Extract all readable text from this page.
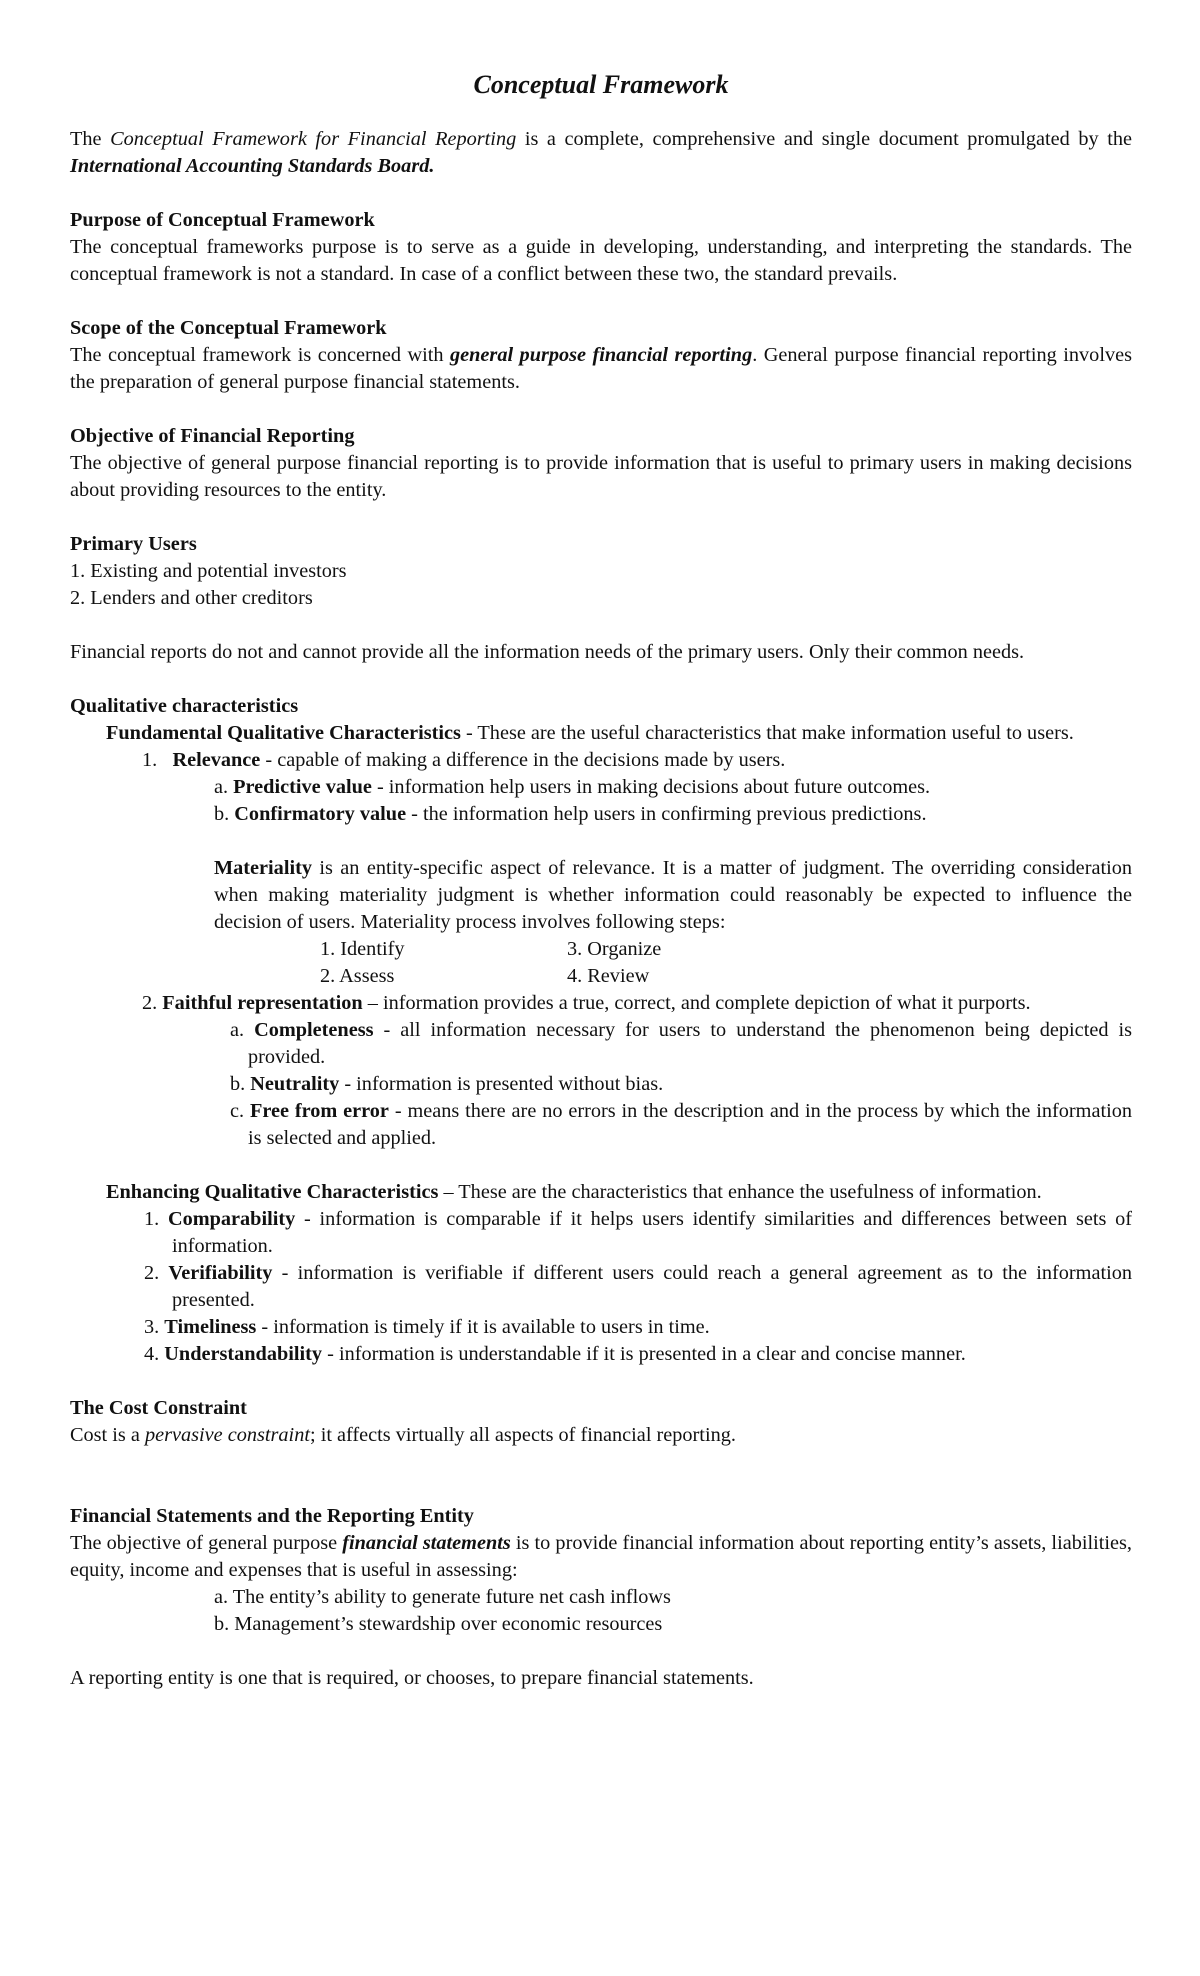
Conceptual Framework

The Conceptual Framework for Financial Reporting is a complete, comprehensive and single document promulgated by the International Accounting Standards Board.

Purpose of Conceptual Framework

The conceptual frameworks purpose is to serve as a guide in developing, understanding, and interpreting the standards. The conceptual framework is not a standard. In case of a conflict between these two, the standard prevails.

Scope of the Conceptual Framework

The conceptual framework is concerned with general purpose financial reporting. General purpose financial reporting involves the preparation of general purpose financial statements.

Objective of Financial Reporting

The objective of general purpose financial reporting is to provide information that is useful to primary users in making decisions about providing resources to the entity.

Primary Users

1. Existing and potential investors

2. Lenders and other creditors

Financial reports do not and cannot provide all the information needs of the primary users. Only their common needs.

Qualitative characteristics

Fundamental Qualitative Characteristics - These are the useful characteristics that make information useful to users.

1. Relevance - capable of making a difference in the decisions made by users.

a. Predictive value - information help users in making decisions about future outcomes.

b. Confirmatory value - the information help users in confirming previous predictions.

Materiality is an entity-specific aspect of relevance. It is a matter of judgment. The overriding consideration when making materiality judgment is whether information could reasonably be expected to influence the decision of users. Materiality process involves following steps:

1. Identify
2. Assess
3. Organize
4. Review

2. Faithful representation – information provides a true, correct, and complete depiction of what it purports.

a. Completeness - all information necessary for users to understand the phenomenon being depicted is provided.

b. Neutrality - information is presented without bias.

c. Free from error - means there are no errors in the description and in the process by which the information is selected and applied.

Enhancing Qualitative Characteristics – These are the characteristics that enhance the usefulness of information.

1. Comparability - information is comparable if it helps users identify similarities and differences between sets of information.

2. Verifiability - information is verifiable if different users could reach a general agreement as to the information presented.

3. Timeliness - information is timely if it is available to users in time.

4. Understandability - information is understandable if it is presented in a clear and concise manner.

The Cost Constraint

Cost is a pervasive constraint; it affects virtually all aspects of financial reporting.

Financial Statements and the Reporting Entity

The objective of general purpose financial statements is to provide financial information about reporting entity’s assets, liabilities, equity, income and expenses that is useful in assessing:

a. The entity’s ability to generate future net cash inflows

b. Management’s stewardship over economic resources

A reporting entity is one that is required, or chooses, to prepare financial statements.
